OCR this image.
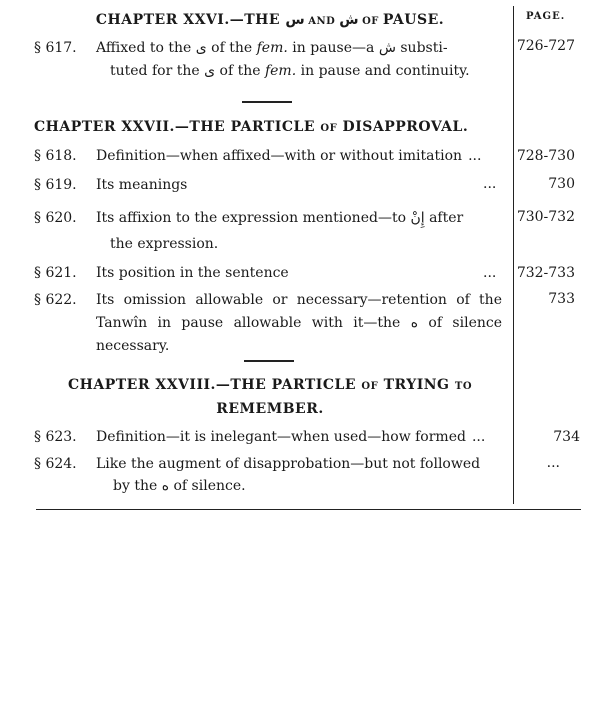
PAGE.
CHAPTER XXVI.—THE س AND ش OF PAUSE.
§ 617. Affixed to the ى of the fem. in pause—a ش substi-
tuted for the ى of the fem. in pause and continuity.
726-727
CHAPTER XXVII.—THE PARTICLE OF DISAPPROVAL.
§ 618. Definition—when affixed—with or without imitation ...	728-730
§ 619. Its meanings	...	730
§ 620. Its affixion to the expression mentioned—to إِنْ after
the expression.
730-732
§ 621. Its position in the sentence	...	732-733
§ 622. Its omission allowable or necessary—retention of the Tanwîn in pause allowable with it—the ه of silence necessary.
733
CHAPTER XXVIII.—THE PARTICLE OF TRYING TO
REMEMBER.
§ 623. Definition—it is inelegant—when used—how formed ...	734
§ 624. Like the augment of disapprobation—but not followed
by the ه of silence.
...
